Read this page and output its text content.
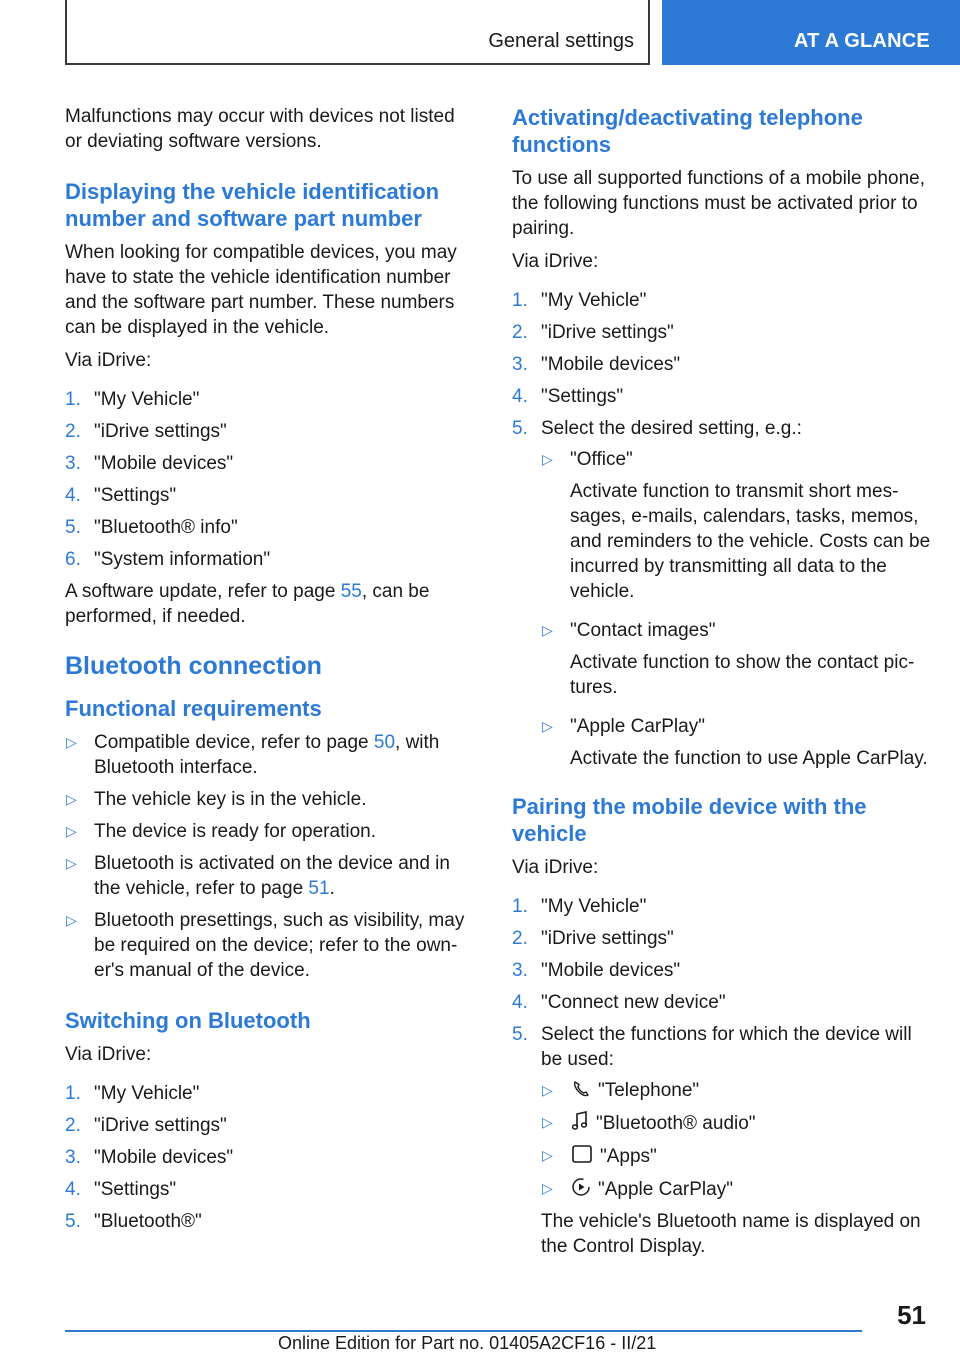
General settings	AT A GLANCE

Malfunctions may occur with devices not listed or deviating software versions.

Displaying the vehicle identification number and software part number

When looking for compatible devices, you may have to state the vehicle identification number and the software part number. These numbers can be displayed in the vehicle.

Via iDrive:

1. "My Vehicle"
2. "iDrive settings"
3. "Mobile devices"
4. "Settings"
5. "Bluetooth® info"
6. "System information"

A software update, refer to page 55, can be performed, if needed.

Bluetooth connection
Functional requirements
▷ Compatible device, refer to page 50, with Bluetooth interface.
▷ The vehicle key is in the vehicle.
▷ The device is ready for operation.
▷ Bluetooth is activated on the device and in the vehicle, refer to page 51.
▷ Bluetooth presettings, such as visibility, may be required on the device; refer to the owner's manual of the device.
Switching on Bluetooth

Via iDrive:

1. "My Vehicle"
2. "iDrive settings"
3. "Mobile devices"
4. "Settings"
5. "Bluetooth®"
Activating/deactivating telephone functions

To use all supported functions of a mobile phone, the following functions must be activated prior to pairing.

Via iDrive:

1. "My Vehicle"
2. "iDrive settings"
3. "Mobile devices"
4. "Settings"
5. Select the desired setting, e.g.:
▷ "Office"
Activate function to transmit short messages, e-mails, calendars, tasks, memos, and reminders to the vehicle. Costs can be incurred by transmitting all data to the vehicle.
▷ "Contact images"
Activate function to show the contact pictures.
▷ "Apple CarPlay"
Activate the function to use Apple CarPlay.
Pairing the mobile device with the vehicle

Via iDrive:

1. "My Vehicle"
2. "iDrive settings"
3. "Mobile devices"
4. "Connect new device"
5. Select the functions for which the device will be used:
▷ "Telephone"
▷ "Bluetooth® audio"
▷ "Apps"
▷ "Apple CarPlay"
The vehicle's Bluetooth name is displayed on the Control Display.
51
Online Edition for Part no. 01405A2CF16 - II/21
